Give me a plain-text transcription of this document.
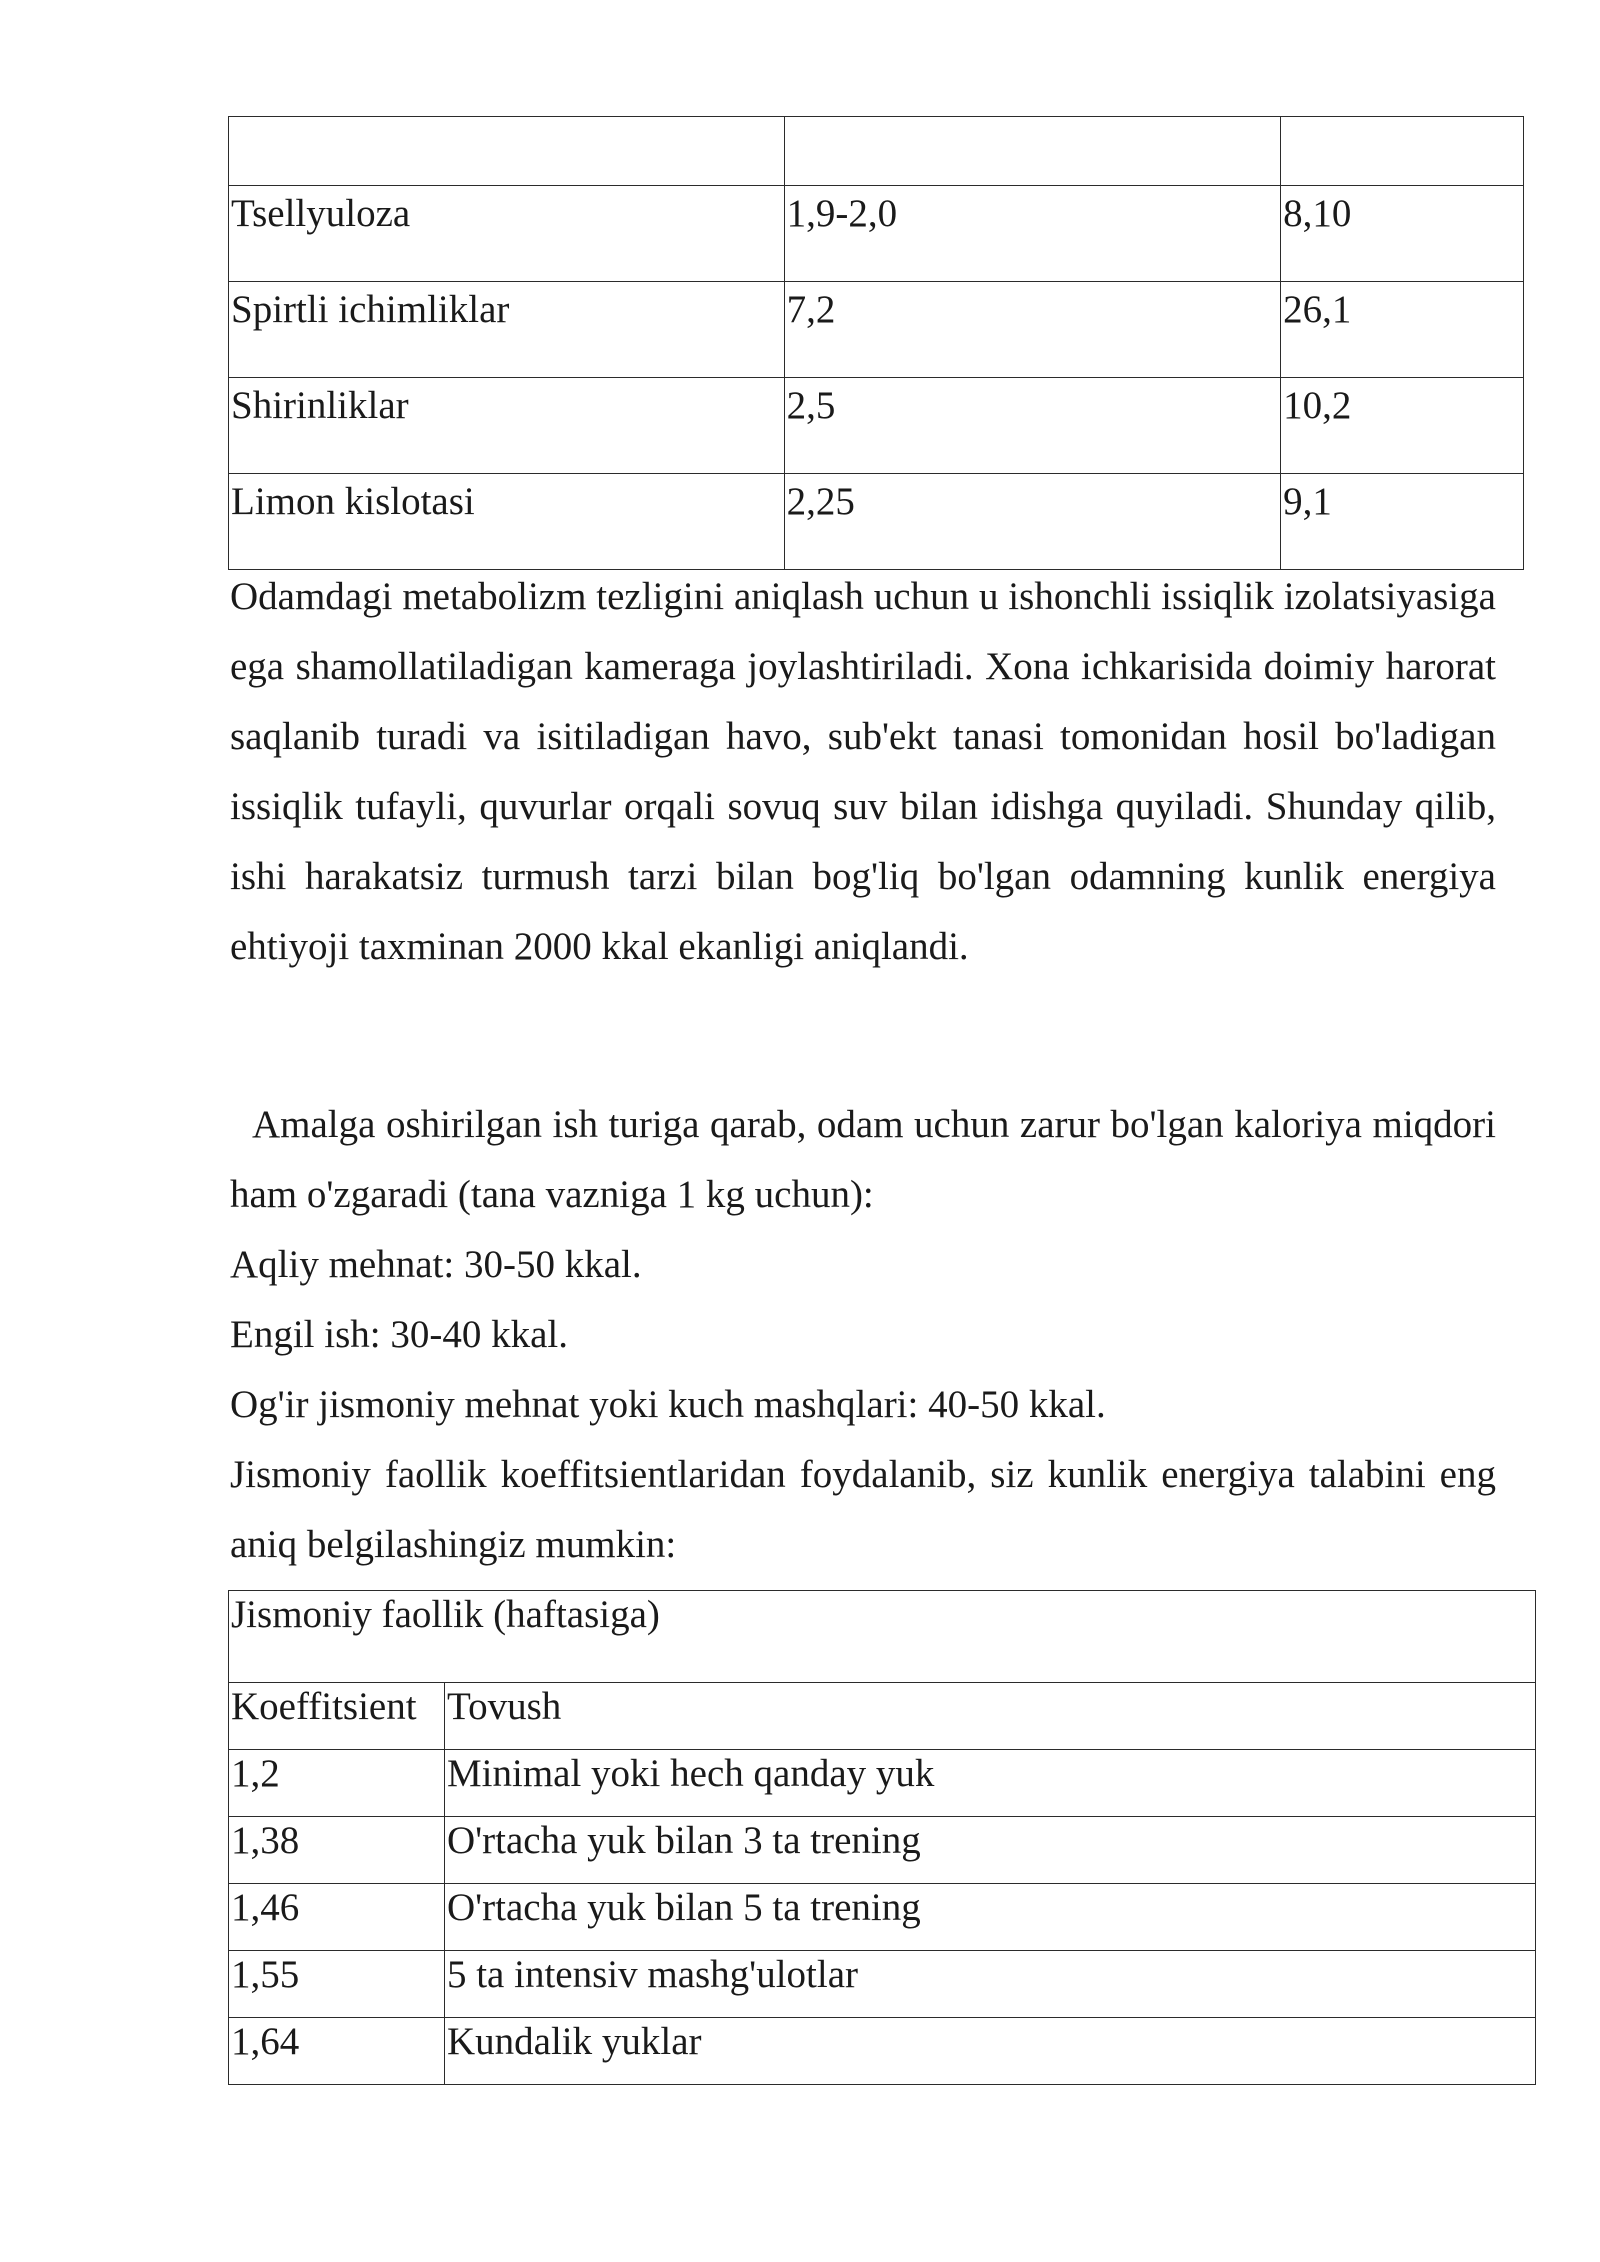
Tsellyuloza	1,9-2,0	8,10
Spirtli ichimliklar	7,2	26,1
Shirinliklar	2,5	10,2
Limon kislotasi	2,25	9,1

Odamdagi metabolizm tezligini aniqlash uchun u ishonchli issiqlik izolatsiyasiga ega shamollatiladigan kameraga joylashtiriladi. Xona ichkarisida doimiy harorat saqlanib turadi va isitiladigan havo, sub'ekt tanasi tomonidan hosil bo'ladigan issiqlik tufayli, quvurlar orqali sovuq suv bilan idishga quyiladi. Shunday qilib, ishi harakatsiz turmush tarzi bilan bog'liq bo'lgan odamning kunlik energiya ehtiyoji taxminan 2000 kkal ekanligi aniqlandi.

Amalga oshirilgan ish turiga qarab, odam uchun zarur bo'lgan kaloriya miqdori ham o'zgaradi (tana vazniga 1 kg uchun):

Aqliy mehnat: 30-50 kkal.

Engil ish: 30-40 kkal.

Og'ir jismoniy mehnat yoki kuch mashqlari: 40-50 kkal.

Jismoniy faollik koeffitsientlaridan foydalanib, siz kunlik energiya talabini eng aniq belgilashingiz mumkin:

Jismoniy faollik (haftasiga)	
Koeffitsient	Tovush
1,2	Minimal yoki hech qanday yuk
1,38	O'rtacha yuk bilan 3 ta trening
1,46	O'rtacha yuk bilan 5 ta trening
1,55	5 ta intensiv mashg'ulotlar
1,64	Kundalik yuklar
